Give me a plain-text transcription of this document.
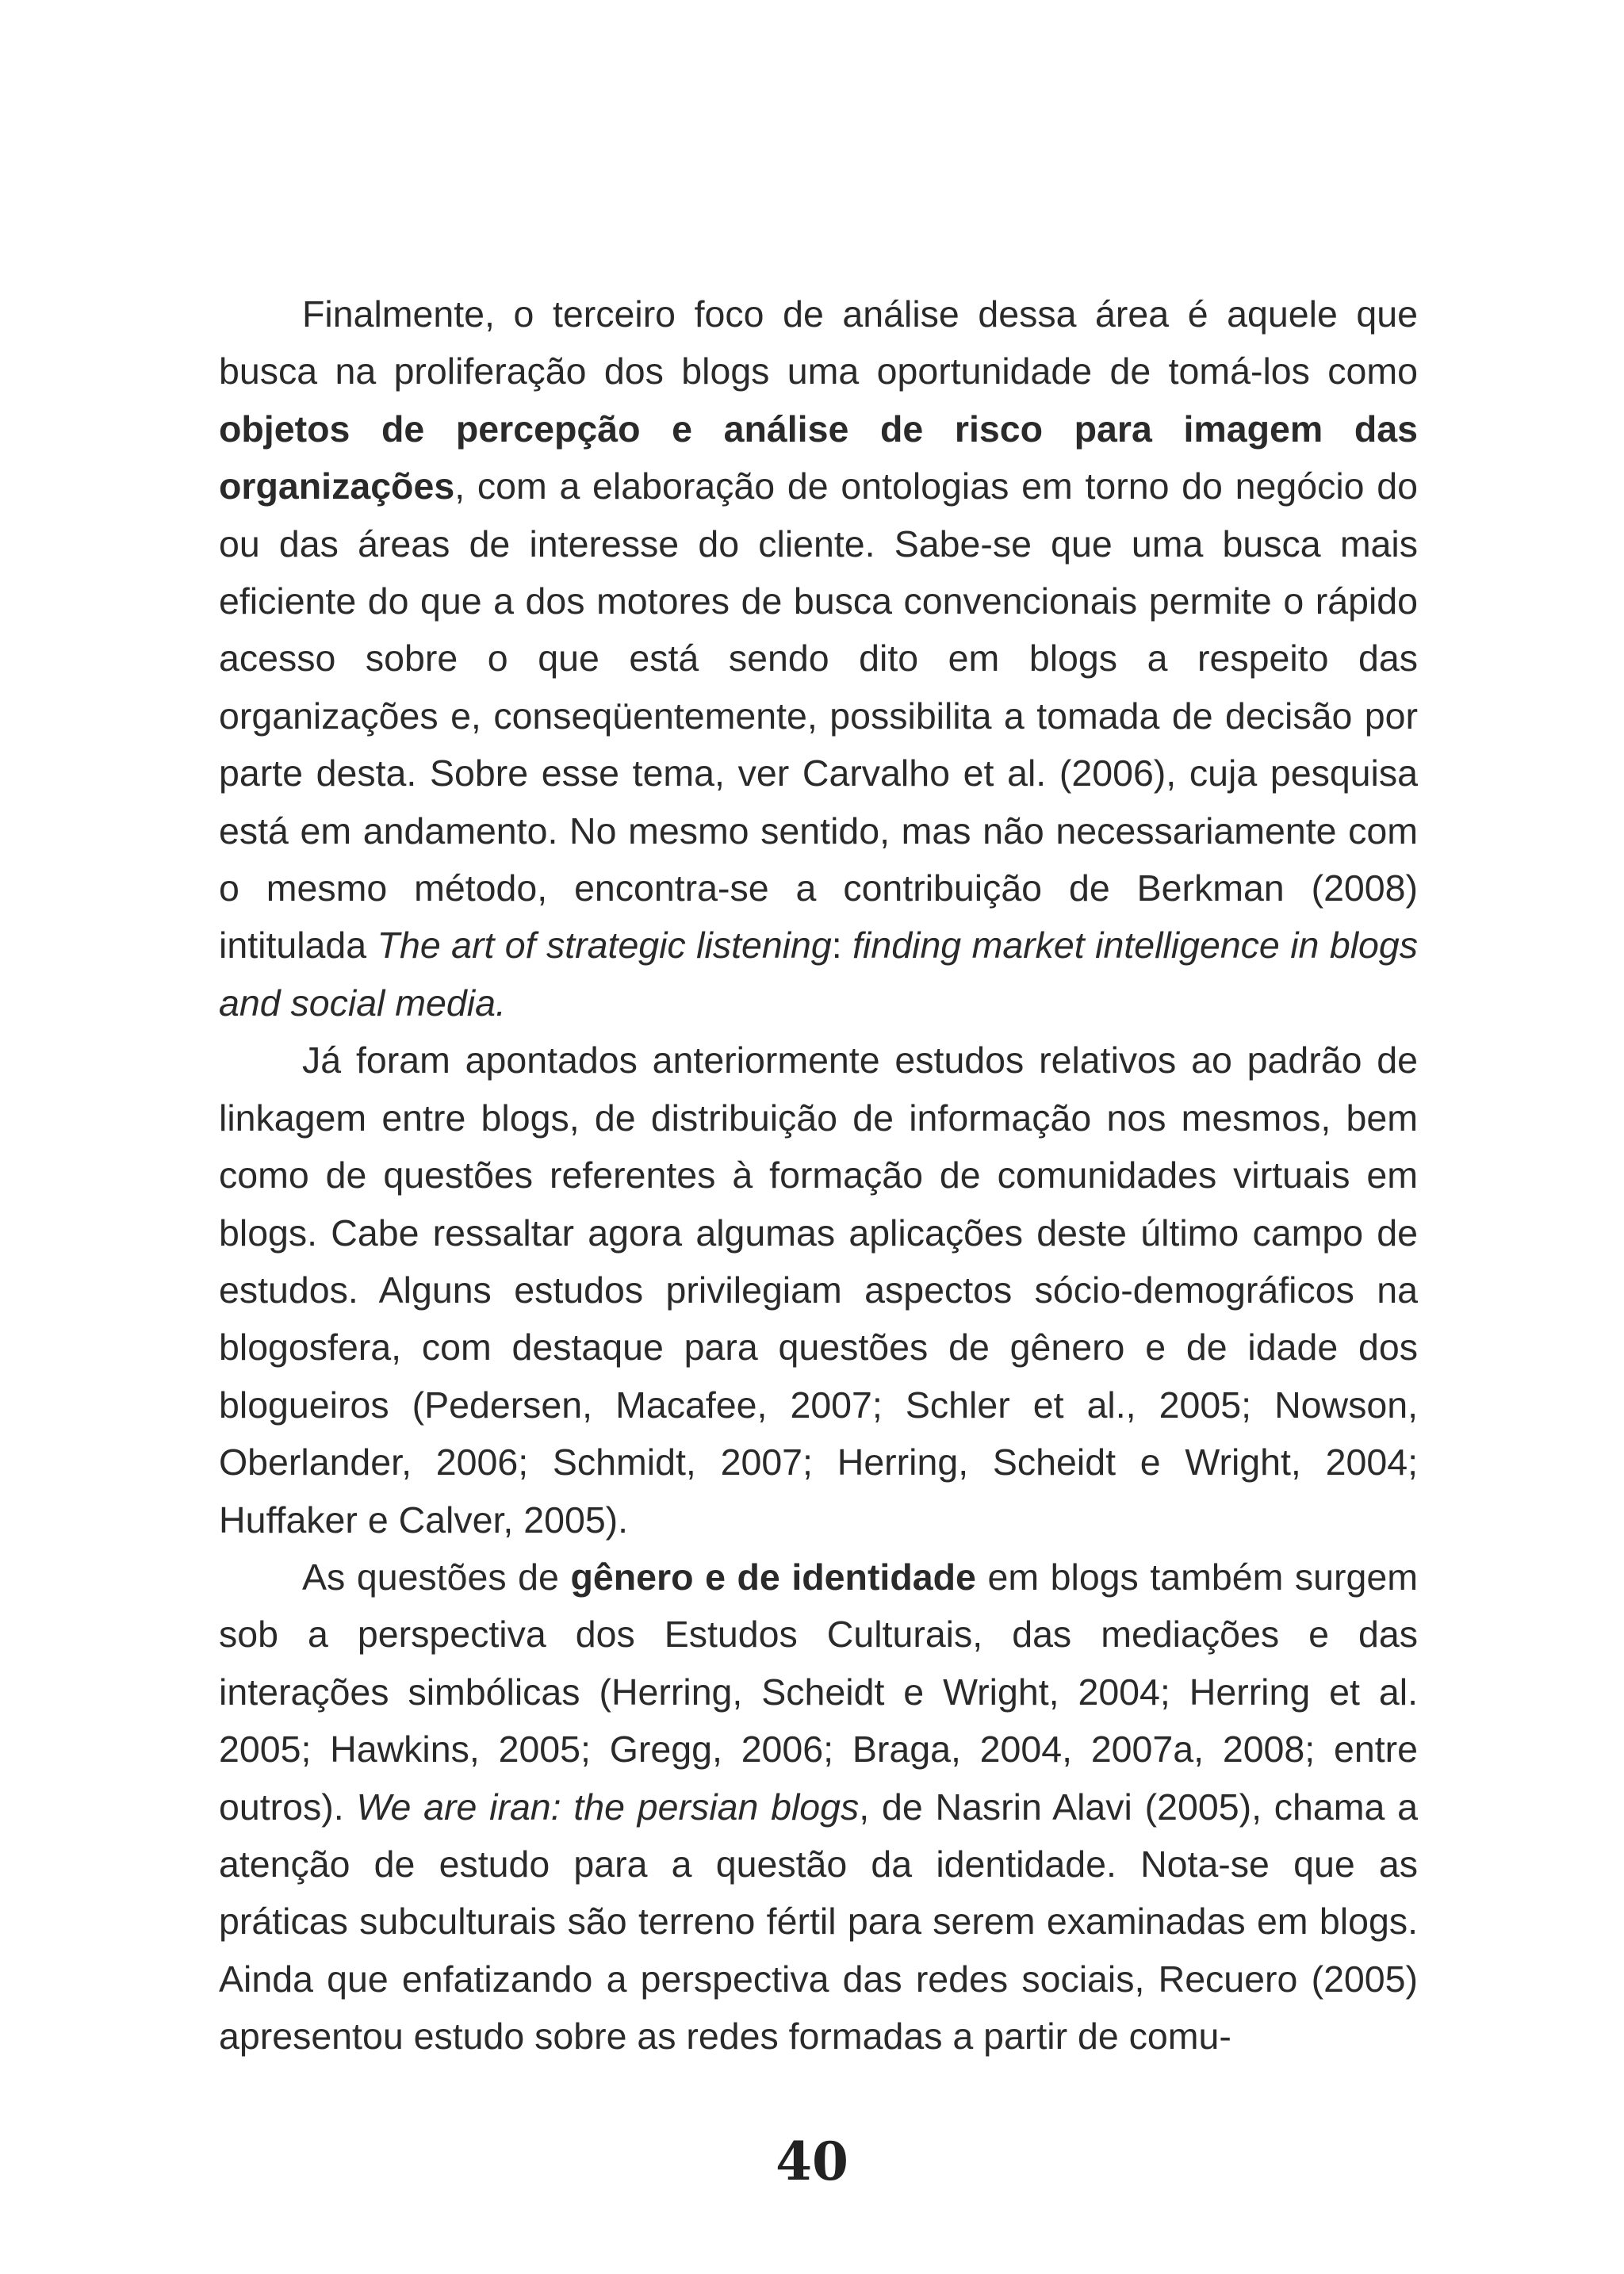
Finalmente, o terceiro foco de análise dessa área é aquele que busca na proliferação dos blogs uma oportunidade de tomá-los como objetos de percepção e análise de risco para imagem das organizações, com a elaboração de ontologias em torno do negócio do ou das áreas de interesse do cliente. Sabe-se que uma busca mais eficiente do que a dos motores de busca convencionais permite o rápido acesso sobre o que está sendo dito em blogs a respeito das organizações e, conseqüentemente, possibilita a tomada de decisão por parte desta. Sobre esse tema, ver Carvalho et al. (2006), cuja pesquisa está em andamento. No mesmo sentido, mas não necessariamente com o mesmo método, encontra-se a contribuição de Berkman (2008) intitulada The art of strategic listening: finding market intelligence in blogs and social media.

Já foram apontados anteriormente estudos relativos ao padrão de linkagem entre blogs, de distribuição de informação nos mesmos, bem como de questões referentes à formação de comunidades virtuais em blogs. Cabe ressaltar agora algumas aplicações deste último campo de estudos. Alguns estudos privilegiam aspectos sócio-demográficos na blogosfera, com destaque para questões de gênero e de idade dos blogueiros (Pedersen, Macafee, 2007; Schler et al., 2005; Nowson, Oberlander, 2006; Schmidt, 2007; Herring, Scheidt e Wright, 2004; Huffaker e Calver, 2005).

As questões de gênero e de identidade em blogs também surgem sob a perspectiva dos Estudos Culturais, das mediações e das interações simbólicas (Herring, Scheidt e Wright, 2004; Herring et al. 2005; Hawkins, 2005; Gregg, 2006; Braga, 2004, 2007a, 2008; entre outros). We are iran: the persian blogs, de Nasrin Alavi (2005), chama a atenção de estudo para a questão da identidade. Nota-se que as práticas subculturais são terreno fértil para serem examinadas em blogs. Ainda que enfatizando a perspectiva das redes sociais, Recuero (2005) apresentou estudo sobre as redes formadas a partir de comu-

40
